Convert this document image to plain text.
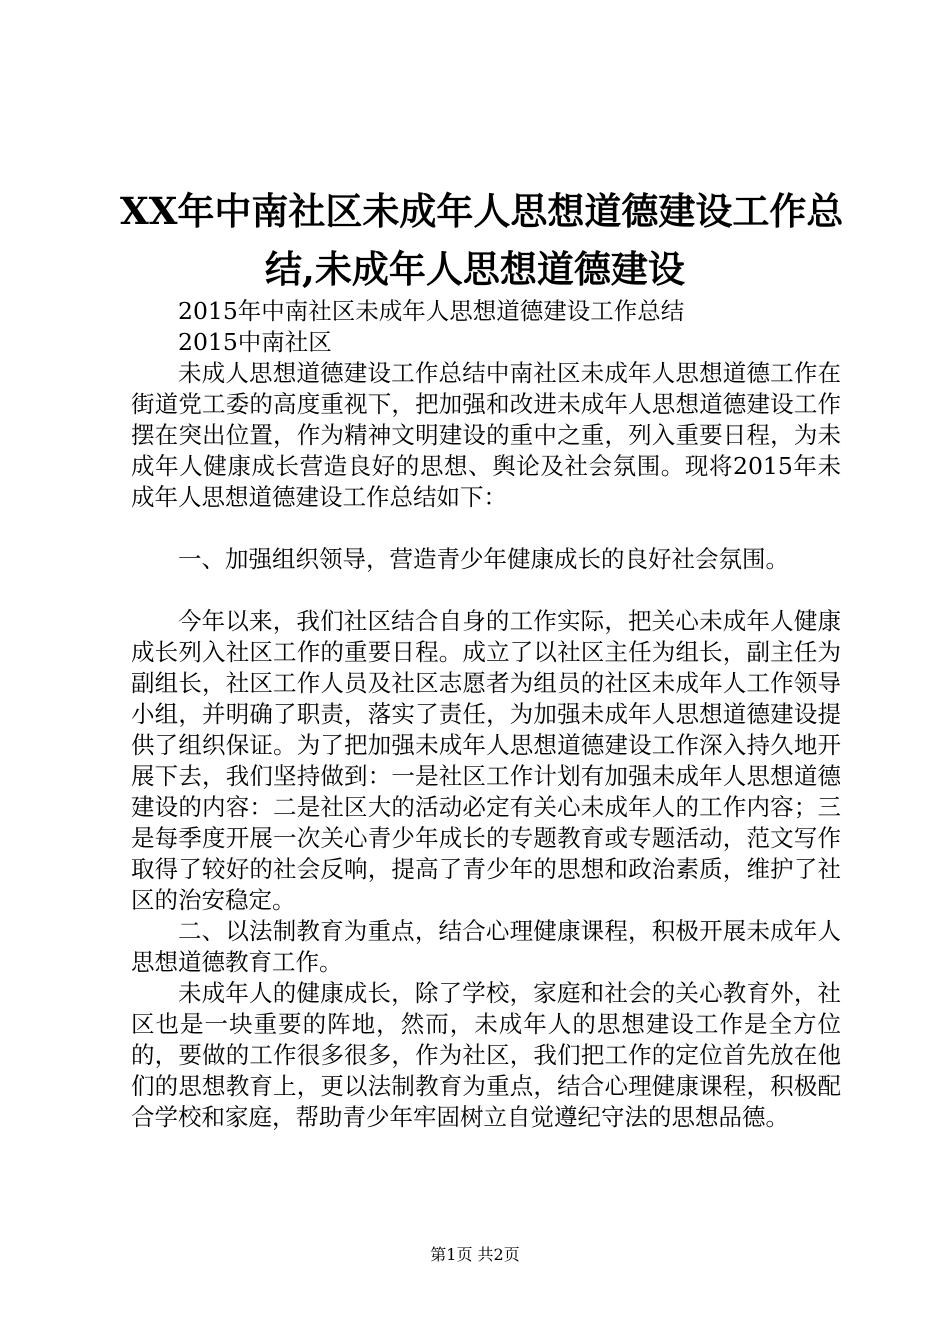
XX年中南社区未成年人思想道德建设工作总
结,未成年人思想道德建设

2015年中南社区未成年人思想道德建设工作总结

2015中南社区

未成人思想道德建设工作总结中南社区未成年人思想道德工作在街道党工委的高度重视下，把加强和改进未成年人思想道德建设工作摆在突出位置，作为精神文明建设的重中之重，列入重要日程，为未成年人健康成长营造良好的思想、舆论及社会氛围。现将2015年未成年人思想道德建设工作总结如下：

一、加强组织领导，营造青少年健康成长的良好社会氛围。

今年以来，我们社区结合自身的工作实际，把关心未成年人健康成长列入社区工作的重要日程。成立了以社区主任为组长，副主任为副组长，社区工作人员及社区志愿者为组员的社区未成年人工作领导小组，并明确了职责，落实了责任，为加强未成年人思想道德建设提供了组织保证。为了把加强未成年人思想道德建设工作深入持久地开展下去，我们坚持做到：一是社区工作计划有加强未成年人思想道德建设的内容：二是社区大的活动必定有关心未成年人的工作内容；三是每季度开展一次关心青少年成长的专题教育或专题活动，范文写作取得了较好的社会反响，提高了青少年的思想和政治素质，维护了社区的治安稳定。

二、以法制教育为重点，结合心理健康课程，积极开展未成年人思想道德教育工作。

未成年人的健康成长，除了学校，家庭和社会的关心教育外，社区也是一块重要的阵地，然而，未成年人的思想建设工作是全方位的，要做的工作很多很多，作为社区，我们把工作的定位首先放在他们的思想教育上，更以法制教育为重点，结合心理健康课程，积极配合学校和家庭，帮助青少年牢固树立自觉遵纪守法的思想品德。

第1页 共2页
